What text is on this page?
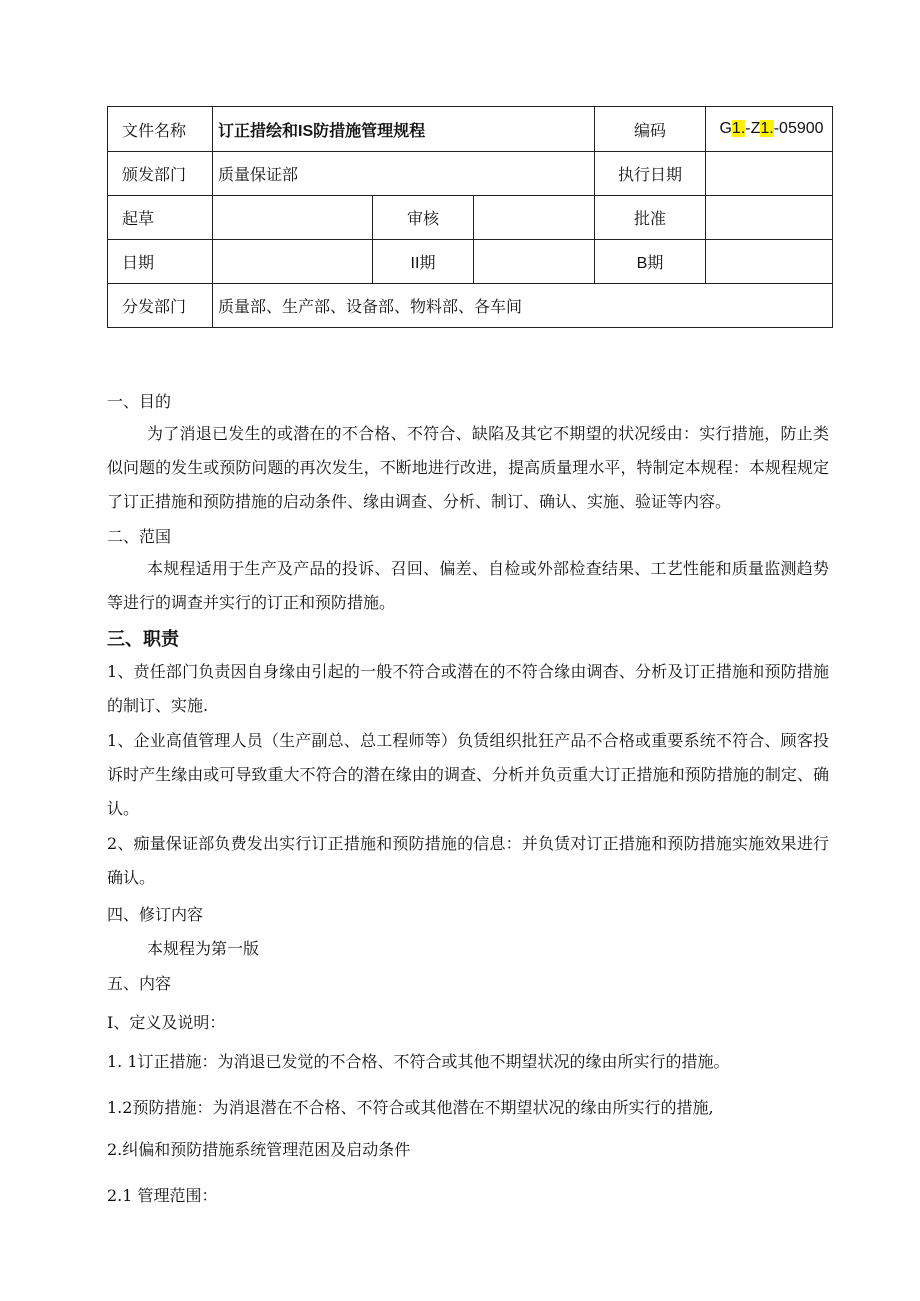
文件名称	订正措绘和IS防措施管理规程			编码	G1.-Z1.-05900
颁发部门	质量保证部			执行日期	
起草		审核		批准	
日期		II期		B期	
分发部门	质量部、生产部、设备部、物料部、各车间				
一、目的
为了消退已发生的或潜在的不合格、不符合、缺陷及其它不期望的状况绥由：实行措施，防止类似问题的发生或预防问题的再次发生，不断地进行改进，提高质量理水平，特制定本规程：本规程规定了订正措施和预防措施的启动条件、缘由调查、分析、制订、确认、实施、验证等内容。
二、范国
本规程适用于生产及产品的投诉、召回、偏差、自检或外部检查结果、工艺性能和质量监测趋势等进行的调查并实行的订正和预防措施。
三、职责
1、贲任部门负责因自身缘由引起的一般不符合或潜在的不符合缘由调杳、分析及订正措施和预防措施的制订、实施.
1、企业高值管理人员（生产副总、总工程师等）负赁组织批狂产品不合格或重要系统不符合、顾客投诉时产生缘由或可导致重大不符合的潜在缘由的调查、分析并负贡重大订正措施和预防措施的制定、确认。
2、痂量保证部负费发出实行订正措施和预防措施的信息：并负赁对订正措施和预防措施实施效果进行确认。
四、修订内容
本规程为第一版
五、内容
I、定义及说明：
1. 1订正措施：为消退已发觉的不合格、不符合或其他不期望状况的缘由所实行的措施。
1.2预防措施：为消退潜在不合格、不符合或其他潜在不期望状况的缘由所实行的措施,
2.纠偏和预防措施系统管理范困及启动条件
2.1 管理范围：
